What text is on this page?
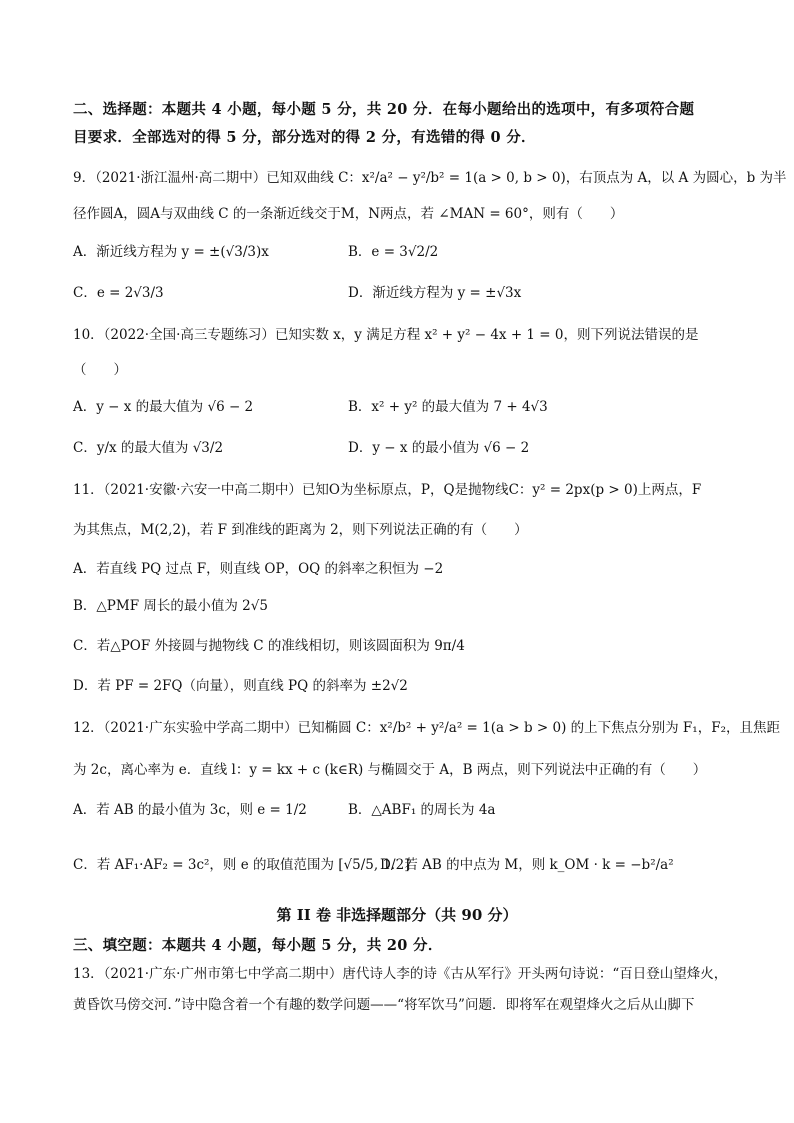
二、选择题：本题共 4 小题，每小题 5 分，共 20 分．在每小题给出的选项中，有多项符合题
目要求．全部选对的得 5 分，部分选对的得 2 分，有选错的得 0 分．
9．（2021·浙江温州·高二期中）已知双曲线 C：x²/a² − y²/b² = 1(a > 0, b > 0)，右顶点为 A，以 A 为圆心，b 为半
径作圆A，圆A与双曲线 C 的一条渐近线交于M，N两点，若 ∠MAN = 60°，则有（　　）
A．渐近线方程为 y = ±(√3/3)x	B．e = 3√2/2
C．e = 2√3/3	D．渐近线方程为 y = ±√3x
10．（2022·全国·高三专题练习）已知实数 x，y 满足方程 x² + y² − 4x + 1 = 0，则下列说法错误的是
（　　）
A．y − x 的最大值为 √6 − 2	B．x² + y² 的最大值为 7 + 4√3
C．y/x 的最大值为 √3/2	D．y − x 的最小值为 √6 − 2
11．（2021·安徽·六安一中高二期中）已知O为坐标原点，P，Q是抛物线C：y² = 2px(p > 0)上两点，F
为其焦点，M(2,2)，若 F 到准线的距离为 2，则下列说法正确的有（　　）
A．若直线 PQ 过点 F，则直线 OP，OQ 的斜率之积恒为 −2
B．△PMF 周长的最小值为 2√5
C．若△POF 外接圆与抛物线 C 的准线相切，则该圆面积为 9π/4
D．若 PF = 2FQ（向量），则直线 PQ 的斜率为 ±2√2
12．（2021·广东实验中学高二期中）已知椭圆 C：x²/b² + y²/a² = 1(a > b > 0) 的上下焦点分别为 F₁，F₂，且焦距
为 2c，离心率为 e．直线 l：y = kx + c (k∈R) 与椭圆交于 A，B 两点，则下列说法中正确的有（　　）
A．若 AB 的最小值为 3c，则 e = 1/2	B．△ABF₁ 的周长为 4a
C．若 AF₁·AF₂ = 3c²，则 e 的取值范围为 [√5/5, 1/2]
D．若 AB 的中点为 M，则 k_OM · k = −b²/a²
第 II 卷 非选择题部分（共 90 分）
三、填空题：本题共 4 小题，每小题 5 分，共 20 分．
13．（2021·广东·广州市第七中学高二期中）唐代诗人李的诗《古从军行》开头两句诗说：“百日登山望烽火，
黄昏饮马傍交河．”诗中隐含着一个有趣的数学问题——“将军饮马”问题．即将军在观望烽火之后从山脚下
